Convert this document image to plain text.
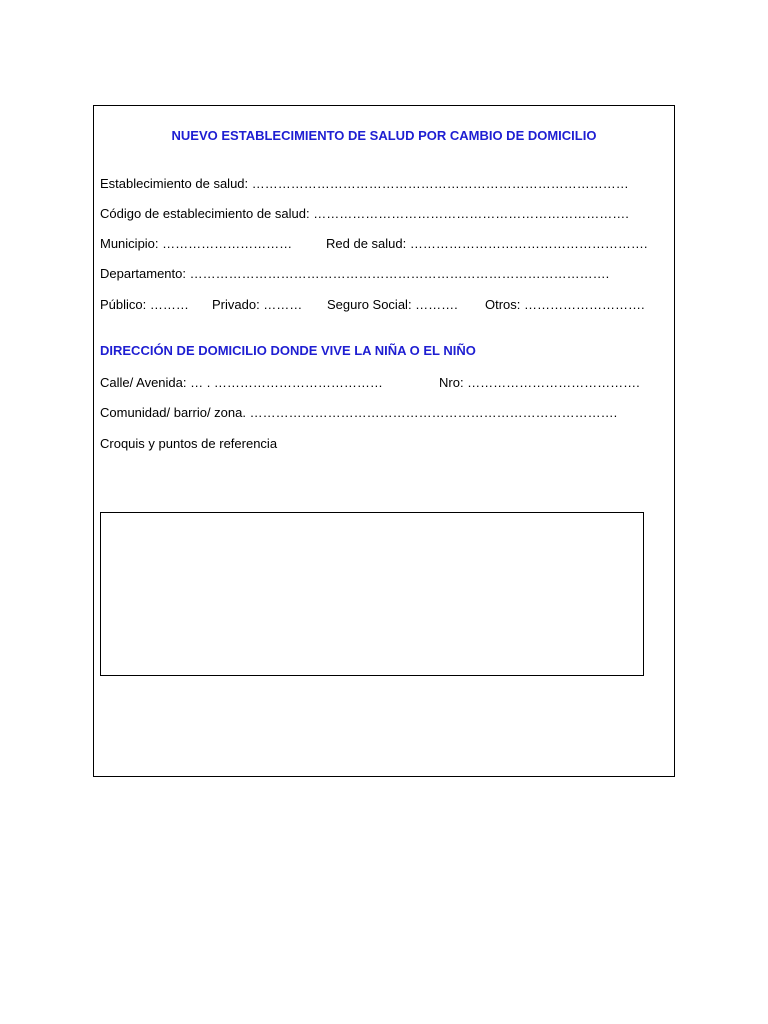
NUEVO ESTABLECIMIENTO DE SALUD POR CAMBIO DE DOMICILIO
Establecimiento de salud: ……………………………………………………………………………
Código de establecimiento de salud: ……………………………………………………………….
Municipio: …………………………	Red de salud: ……………………………………………….
Departamento: …………………………………………………………………………………….
Público: ……… Privado: ……… Seguro Social: ………. Otros: ……………………….
DIRECCIÓN DE DOMICILIO DONDE VIVE LA NIÑA O EL NIÑO
Calle/ Avenida: … . …………………………………	Nro: ………………………………….
Comunidad/ barrio/ zona. ………………………………………………………………………….
Croquis y puntos de referencia
